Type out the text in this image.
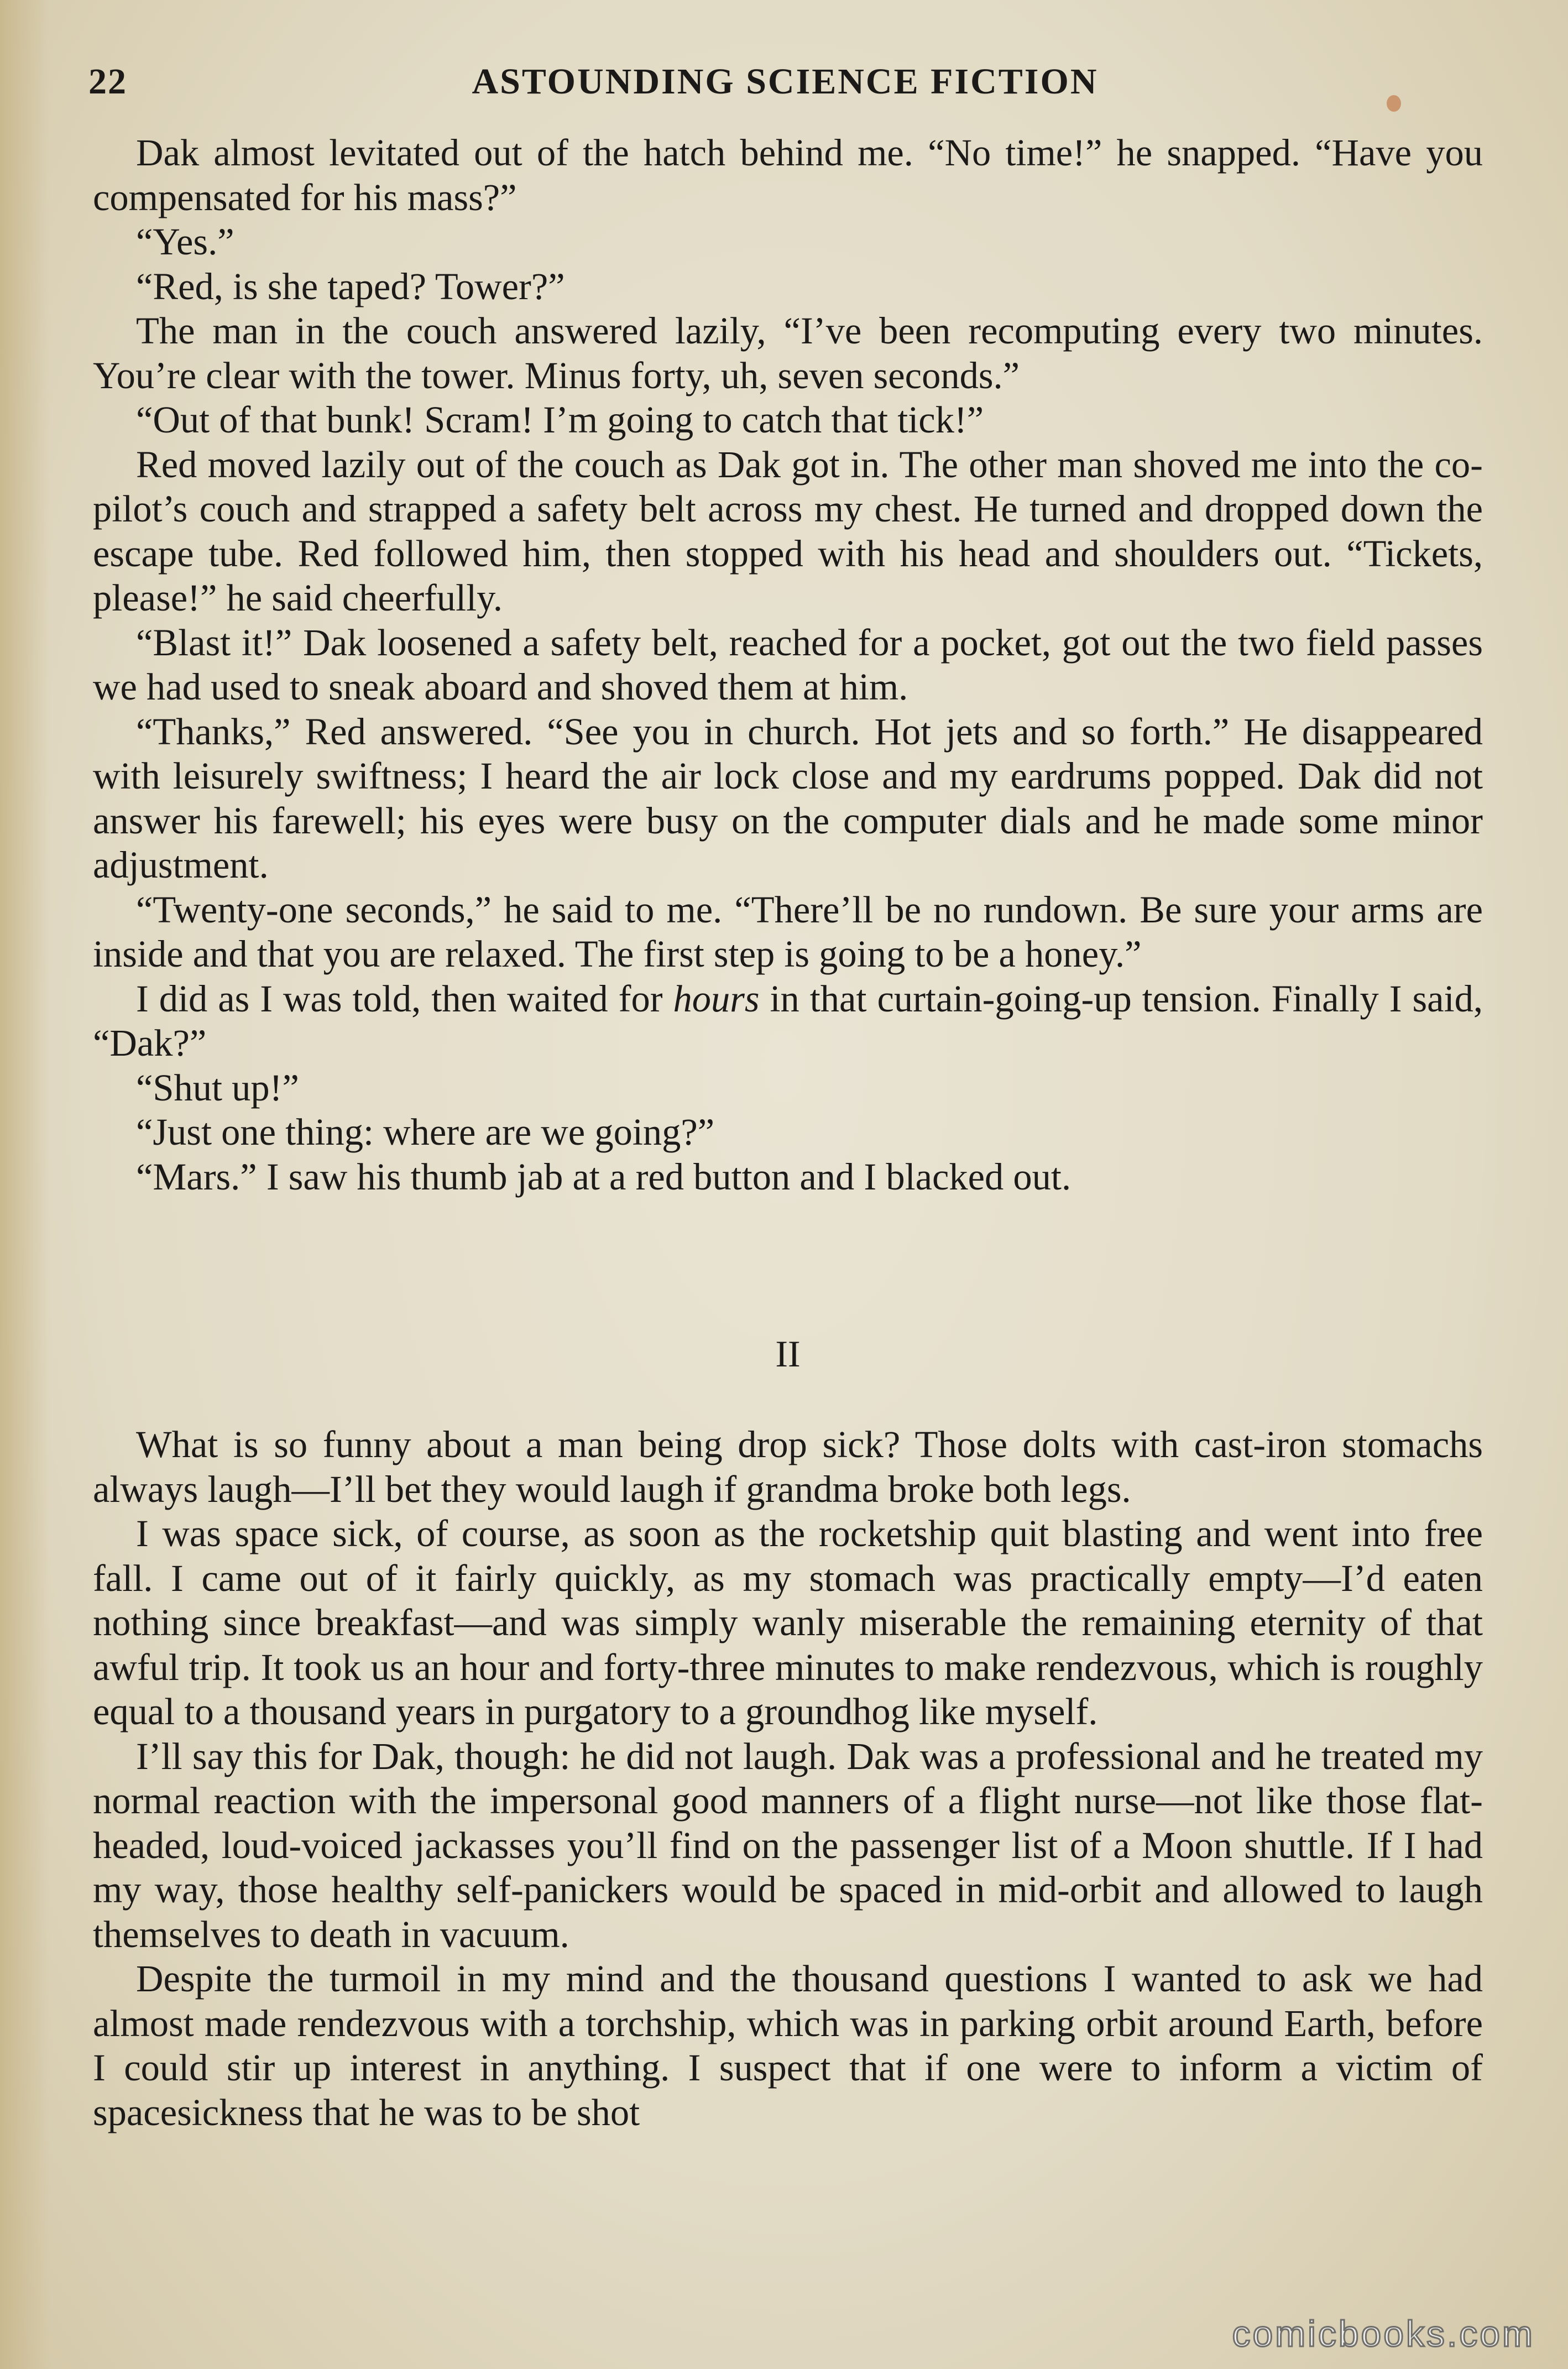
22	ASTOUNDING SCIENCE FICTION

Dak almost levitated out of the hatch behind me. “No time!” he snapped. “Have you compensated for his mass?”

“Yes.”

“Red, is she taped? Tower?”

The man in the couch answered lazily, “I’ve been recomputing every two minutes. You’re clear with the tower. Minus forty, uh, seven seconds.”

“Out of that bunk! Scram! I’m going to catch that tick!”

Red moved lazily out of the couch as Dak got in. The other man shoved me into the co-pilot’s couch and strapped a safety belt across my chest. He turned and dropped down the escape tube. Red followed him, then stopped with his head and shoulders out. “Tickets, please!” he said cheerfully.

“Blast it!” Dak loosened a safety belt, reached for a pocket, got out the two field passes we had used to sneak aboard and shoved them at him.

“Thanks,” Red answered. “See you in church. Hot jets and so forth.” He disappeared with leisurely swiftness; I heard the air lock close and my eardrums popped. Dak did not answer his farewell; his eyes were busy on the computer dials and he made some minor adjustment.

“Twenty-one seconds,” he said to me. “There’ll be no rundown. Be sure your arms are inside and that you are relaxed. The first step is going to be a honey.”

I did as I was told, then waited for hours in that curtain-going-up tension. Finally I said, “Dak?”

“Shut up!”

“Just one thing: where are we going?”

“Mars.” I saw his thumb jab at a red button and I blacked out.

II

What is so funny about a man being drop sick? Those dolts with cast-iron stomachs always laugh—I’ll bet they would laugh if grandma broke both legs.

I was space sick, of course, as soon as the rocketship quit blasting and went into free fall. I came out of it fairly quickly, as my stomach was practically empty—I’d eaten nothing since breakfast—and was simply wanly miserable the remaining eternity of that awful trip. It took us an hour and forty-three minutes to make rendezvous, which is roughly equal to a thousand years in purgatory to a groundhog like myself.

I’ll say this for Dak, though: he did not laugh. Dak was a professional and he treated my normal reaction with the impersonal good manners of a flight nurse—not like those flat-headed, loud-voiced jackasses you’ll find on the passenger list of a Moon shuttle. If I had my way, those healthy self-panickers would be spaced in mid-orbit and allowed to laugh themselves to death in vacuum.

Despite the turmoil in my mind and the thousand questions I wanted to ask we had almost made rendezvous with a torchship, which was in parking orbit around Earth, before I could stir up interest in anything. I suspect that if one were to inform a victim of spacesickness that he was to be shot

comicbooks.com
